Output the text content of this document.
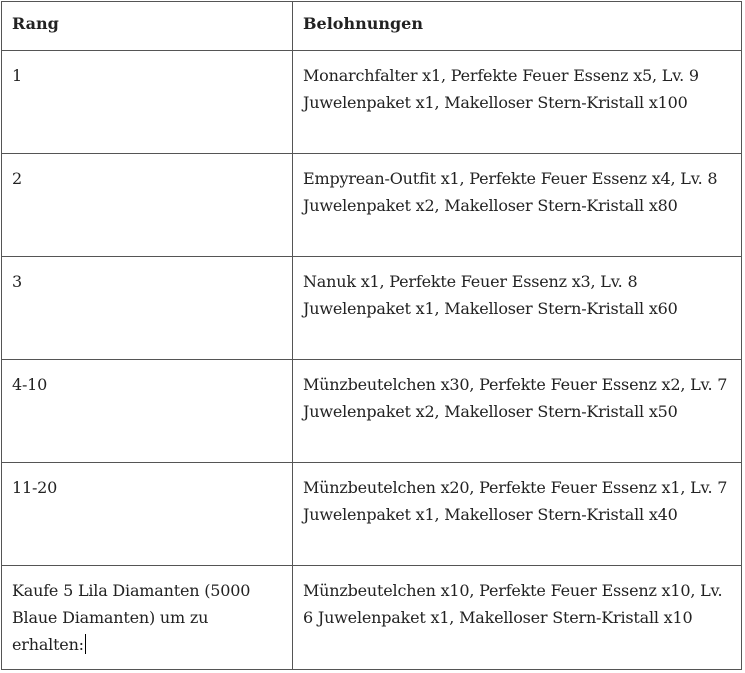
Rang	Belohnungen
1	Monarchfalter x1, Perfekte Feuer Essenz x5, Lv. 9 Juwelenpaket x1, Makelloser Stern-Kristall x100
2	Empyrean-Outfit x1, Perfekte Feuer Essenz x4, Lv. 8 Juwelenpaket x2, Makelloser Stern-Kristall x80
3	Nanuk x1, Perfekte Feuer Essenz x3, Lv. 8 Juwelenpaket x1, Makelloser Stern-Kristall x60
4-10	Münzbeutelchen x30, Perfekte Feuer Essenz x2, Lv. 7 Juwelenpaket x2, Makelloser Stern-Kristall x50
11-20	Münzbeutelchen x20, Perfekte Feuer Essenz x1, Lv. 7 Juwelenpaket x1, Makelloser Stern-Kristall x40
Kaufe 5 Lila Diamanten (5000 Blaue Diamanten) um zu erhalten:	Münzbeutelchen x10, Perfekte Feuer Essenz x10, Lv. 6 Juwelenpaket x1, Makelloser Stern-Kristall x10
